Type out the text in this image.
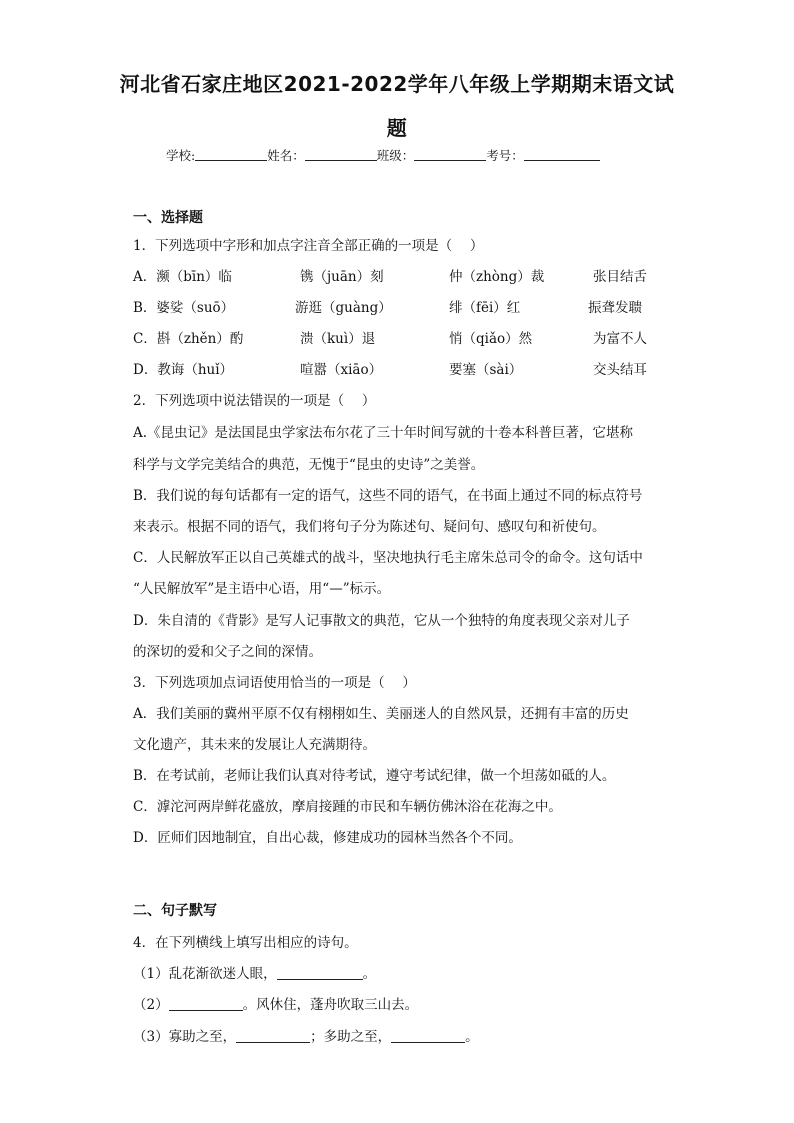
河北省石家庄地区2021-2022学年八年级上学期期末语文试
题
学校:	姓名：	班级：	考号：
一、选择题
1．下列选项中字形和加点字注音全部正确的一项是（　 ）
A．濒（bīn）临	镌（juān）刻	仲（zhòng）裁	张目结舌
B．婆娑（suō）	游逛（guàng）	绯（fēi）红	振聋发聩
C．斟（zhěn）酌	溃（kuì）退	悄（qiǎo）然	为富不人
D．教诲（huǐ）	喧嚣（xiāo）	要塞（sài）	交头结耳
2．下列选项中说法错误的一项是（　 ）
A.《昆虫记》是法国昆虫学家法布尔花了三十年时间写就的十卷本科普巨著，它堪称
科学与文学完美结合的典范，无愧于“昆虫的史诗”之美誉。
B．我们说的每句话都有一定的语气，这些不同的语气，在书面上通过不同的标点符号
来表示。根据不同的语气，我们将句子分为陈述句、疑问句、感叹句和祈使句。
C．人民解放军正以自己英雄式的战斗，坚决地执行毛主席朱总司令的命令。这句话中
“人民解放军”是主语中心语，用“—”标示。
D．朱自清的《背影》是写人记事散文的典范，它从一个独特的角度表现父亲对儿子
的深切的爱和父子之间的深情。
3．下列选项加点词语使用恰当的一项是（　 ）
A．我们美丽的冀州平原不仅有栩栩如生、美丽迷人的自然风景，还拥有丰富的历史
文化遗产，其未来的发展让人充满期待。
B．在考试前，老师让我们认真对待考试，遵守考试纪律，做一个坦荡如砥的人。
C．滹沱河两岸鲜花盛放，摩肩接踵的市民和车辆仿佛沐浴在花海之中。
D．匠师们因地制宜，自出心裁，修建成功的园林当然各个不同。
二、句子默写
4．在下列横线上填写出相应的诗句。
（1）乱花渐欲迷人眼，	。
（2）	。风休住，蓬舟吹取三山去。
（3）寡助之至，	；多助之至，	。
